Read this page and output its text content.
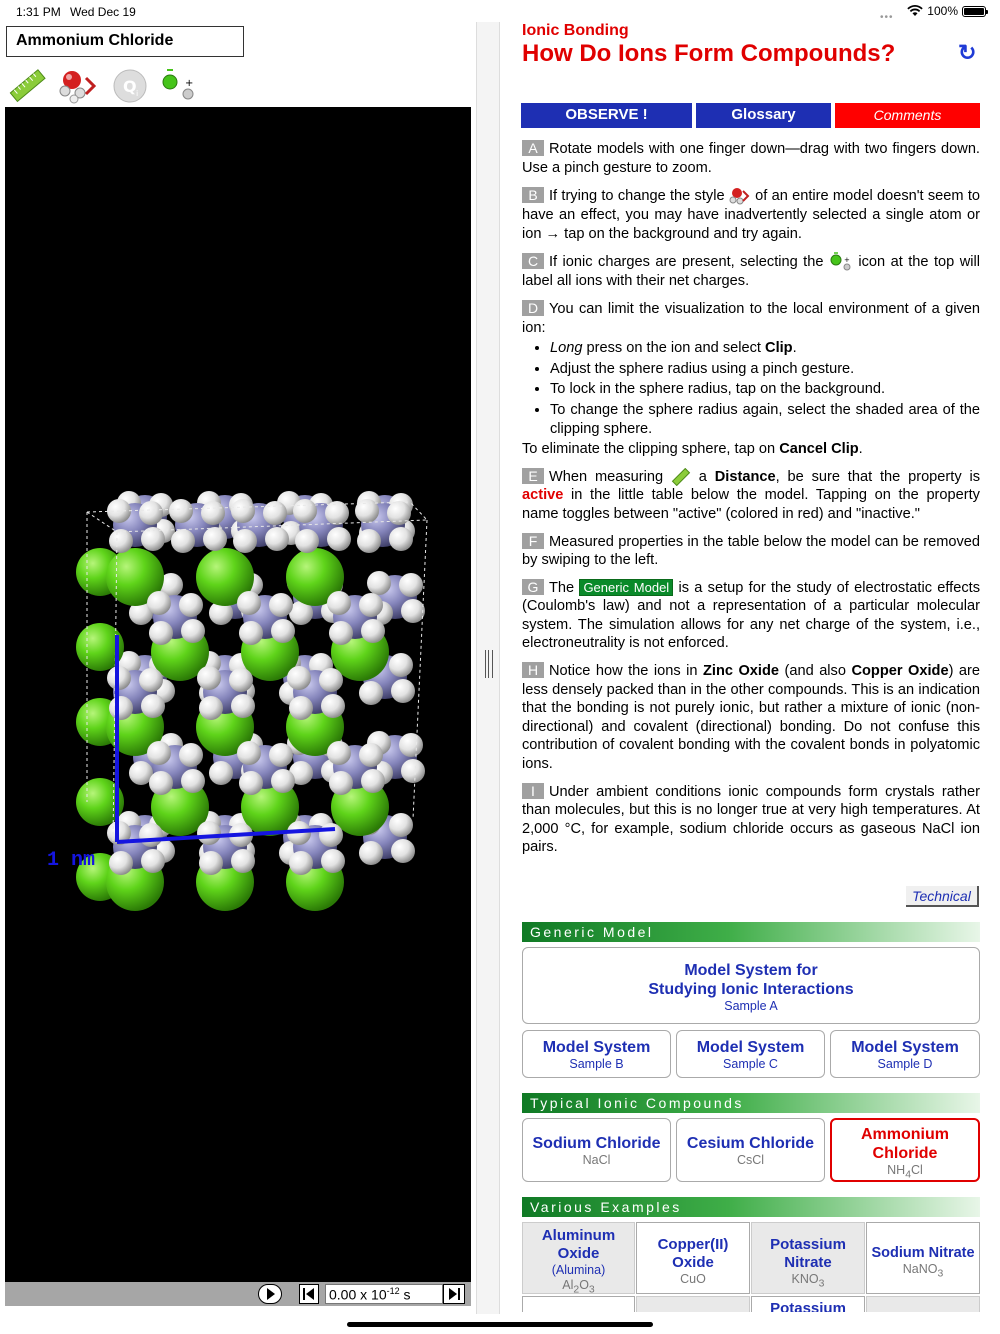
1:31 PM Wed Dec 19	•••	100%
Ammonium Chloride
Q i
+
1 nm
0.00 x $10^{-12}$ s
Ionic Bonding
How Do Ions Form Compounds?	↻
OBSERVE !	Glossary	Comments

A Rotate models with one finger down—drag with two fingers down. Use a pinch gesture to zoom.

B If trying to change the style of an entire model doesn't seem to have an effect, you may have inadvertently selected a single atom or ion → tap on the background and try again.

C If ionic charges are present, selecting the	+ icon at the top will label all ions with their net charges.

D You can limit the visualization to the local environment of a given ion:

• Long press on the ion and select Clip.
• Adjust the sphere radius using a pinch gesture.
• To lock in the sphere radius, tap on the background.
• To change the sphere radius again, select the shaded area of the clipping sphere.

To eliminate the clipping sphere, tap on Cancel Clip.

E When measuring a Distance, be sure that the property is active in the little table below the model. Tapping on the property name toggles between "active" (colored in red) and "inactive."

F Measured properties in the table below the model can be removed by swiping to the left.

G The Generic Model is a setup for the study of electrostatic effects (Coulomb's law) and not a representation of a particular molecular system. The simulation allows for any net charge of the system, i.e., electroneutrality is not enforced.

H Notice how the ions in Zinc Oxide (and also Copper Oxide) are less densely packed than in the other compounds. This is an indication that the bonding is not purely ionic, but rather a mixture of ionic (non-directional) and covalent (directional) bonding. Do not confuse this contribution of covalent bonding with the covalent bonds in polyatomic ions.

I Under ambient conditions ionic compounds form crystals rather than molecules, but this is no longer true at very high temperatures. At 2,000 °C, for example, sodium chloride occurs as gaseous NaCl ion pairs.

Technical
Generic Model
Model System for
Studying Ionic Interactions
Sample A
Model System
Sample B
Model System
Sample C
Model System
Sample D
Typical Ionic Compounds
Sodium Chloride
NaCl
Cesium Chloride
CsCl
Ammonium
Chloride
$NH_4Cl$
Various Examples
Aluminum
Oxide
(Alumina)
$Al_2O_3$
Copper(II)
Oxide
CuO
Potassium
Nitrate
$KNO_3$
Sodium Nitrate
NaNO$_3$
Potassium
